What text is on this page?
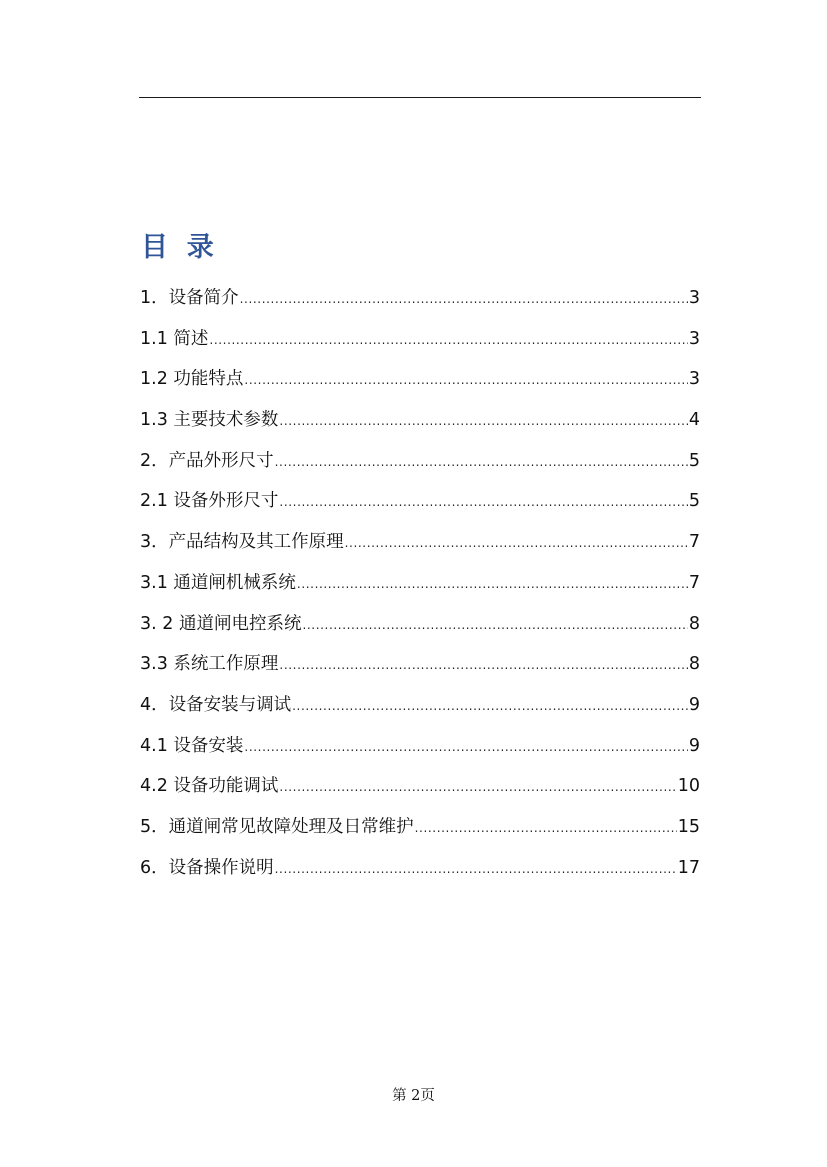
目  录
1．设备简介 .....	3
1.1 简述 .....	3
1.2 功能特点 .....	3
1.3 主要技术参数 .....	4
2．产品外形尺寸 .....	5
2.1 设备外形尺寸 .....	5
3．产品结构及其工作原理 .....	7
3.1 通道闸机械系统 .....	7
3. 2 通道闸电控系统 .....	8
3.3 系统工作原理 .....	8
4．设备安装与调试 .....	9
4.1 设备安装 .....	9
4.2 设备功能调试 .....	10
5．通道闸常见故障处理及日常维护 .....	15
6．设备操作说明 .....	17
第 2页
